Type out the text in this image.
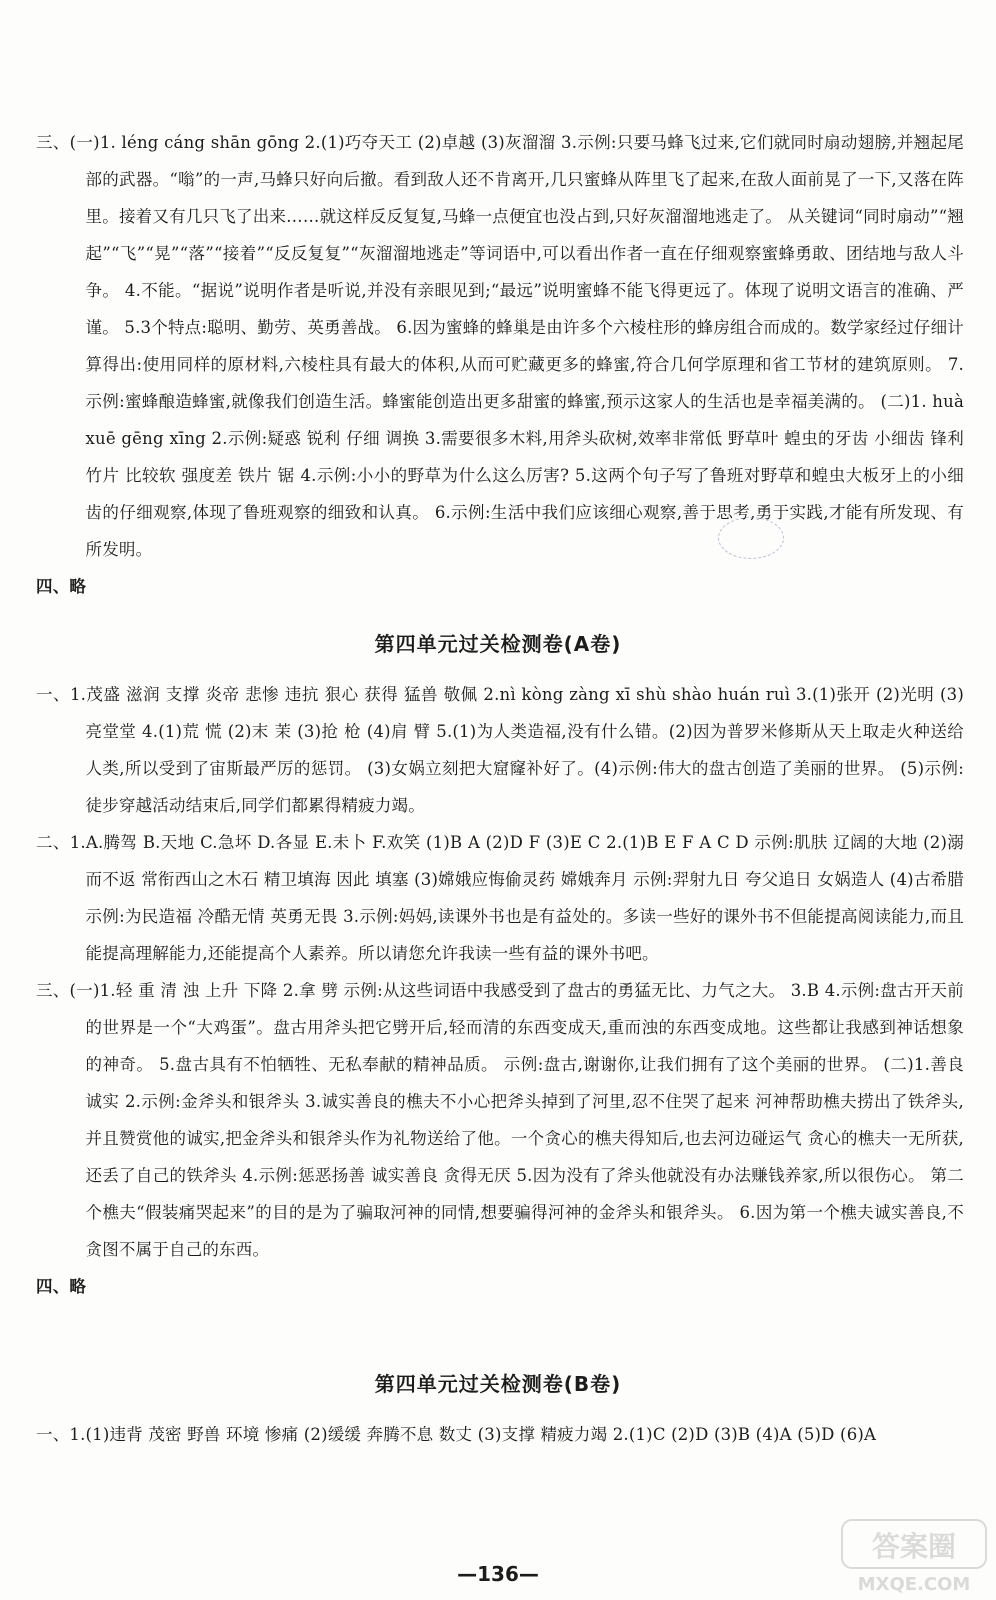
三、(一)1. léng cáng shān gōng 2.(1)巧夺天工 (2)卓越 (3)灰溜溜 3.示例:只要马蜂飞过来,它们就同时扇动翅膀,并翘起尾部的武器。“嗡”的一声,马蜂只好向后撤。看到敌人还不肯离开,几只蜜蜂从阵里飞了起来,在敌人面前晃了一下,又落在阵里。接着又有几只飞了出来……就这样反反复复,马蜂一点便宜也没占到,只好灰溜溜地逃走了。 从关键词“同时扇动”“翘起”“飞”“晃”“落”“接着”“反反复复”“灰溜溜地逃走”等词语中,可以看出作者一直在仔细观察蜜蜂勇敢、团结地与敌人斗争。 4.不能。“据说”说明作者是听说,并没有亲眼见到;“最远”说明蜜蜂不能飞得更远了。体现了说明文语言的准确、严谨。 5.3个特点:聪明、勤劳、英勇善战。 6.因为蜜蜂的蜂巢是由许多个六棱柱形的蜂房组合而成的。数学家经过仔细计算得出:使用同样的原材料,六棱柱具有最大的体积,从而可贮藏更多的蜂蜜,符合几何学原理和省工节材的建筑原则。 7.示例:蜜蜂酿造蜂蜜,就像我们创造生活。蜂蜜能创造出更多甜蜜的蜂蜜,预示这家人的生活也是幸福美满的。 (二)1. huà xuē gēng xīng 2.示例:疑惑 锐利 仔细 调换 3.需要很多木料,用斧头砍树,效率非常低 野草叶 蝗虫的牙齿 小细齿 锋利 竹片 比较软 强度差 铁片 锯 4.示例:小小的野草为什么这么厉害? 5.这两个句子写了鲁班对野草和蝗虫大板牙上的小细齿的仔细观察,体现了鲁班观察的细致和认真。 6.示例:生活中我们应该细心观察,善于思考,勇于实践,才能有所发现、有所发明。

四、略

第四单元过关检测卷(A卷)

一、1.茂盛 滋润 支撑 炎帝 悲惨 违抗 狠心 获得 猛兽 敬佩 2.nì kòng zàng xī shù shào huán ruì 3.(1)张开 (2)光明 (3)亮堂堂 4.(1)荒 慌 (2)末 茉 (3)抢 枪 (4)肩 臂 5.(1)为人类造福,没有什么错。(2)因为普罗米修斯从天上取走火种送给人类,所以受到了宙斯最严厉的惩罚。 (3)女娲立刻把大窟窿补好了。(4)示例:伟大的盘古创造了美丽的世界。 (5)示例:徒步穿越活动结束后,同学们都累得精疲力竭。

二、1.A.腾驾 B.天地 C.急坏 D.各显 E.未卜 F.欢笑 (1)B A (2)D F (3)E C 2.(1)B E F A C D 示例:肌肤 辽阔的大地 (2)溺而不返 常衔西山之木石 精卫填海 因此 填塞 (3)嫦娥应悔偷灵药 嫦娥奔月 示例:羿射九日 夸父追日 女娲造人 (4)古希腊 示例:为民造福 冷酷无情 英勇无畏 3.示例:妈妈,读课外书也是有益处的。多读一些好的课外书不但能提高阅读能力,而且能提高理解能力,还能提高个人素养。所以请您允许我读一些有益的课外书吧。

三、(一)1.轻 重 清 浊 上升 下降 2.拿 劈 示例:从这些词语中我感受到了盘古的勇猛无比、力气之大。 3.B 4.示例:盘古开天前的世界是一个“大鸡蛋”。盘古用斧头把它劈开后,轻而清的东西变成天,重而浊的东西变成地。这些都让我感到神话想象的神奇。 5.盘古具有不怕牺牲、无私奉献的精神品质。 示例:盘古,谢谢你,让我们拥有了这个美丽的世界。 (二)1.善良 诚实 2.示例:金斧头和银斧头 3.诚实善良的樵夫不小心把斧头掉到了河里,忍不住哭了起来 河神帮助樵夫捞出了铁斧头,并且赞赏他的诚实,把金斧头和银斧头作为礼物送给了他。一个贪心的樵夫得知后,也去河边碰运气 贪心的樵夫一无所获,还丢了自己的铁斧头 4.示例:惩恶扬善 诚实善良 贪得无厌 5.因为没有了斧头他就没有办法赚钱养家,所以很伤心。 第二个樵夫“假装痛哭起来”的目的是为了骗取河神的同情,想要骗得河神的金斧头和银斧头。 6.因为第一个樵夫诚实善良,不贪图不属于自己的东西。

四、略

第四单元过关检测卷(B卷)

一、1.(1)违背 茂密 野兽 环境 惨痛 (2)缓缓 奔腾不息 数丈 (3)支撑 精疲力竭 2.(1)C (2)D (3)B (4)A (5)D (6)A

—136—
答案圈
MXQE.COM
